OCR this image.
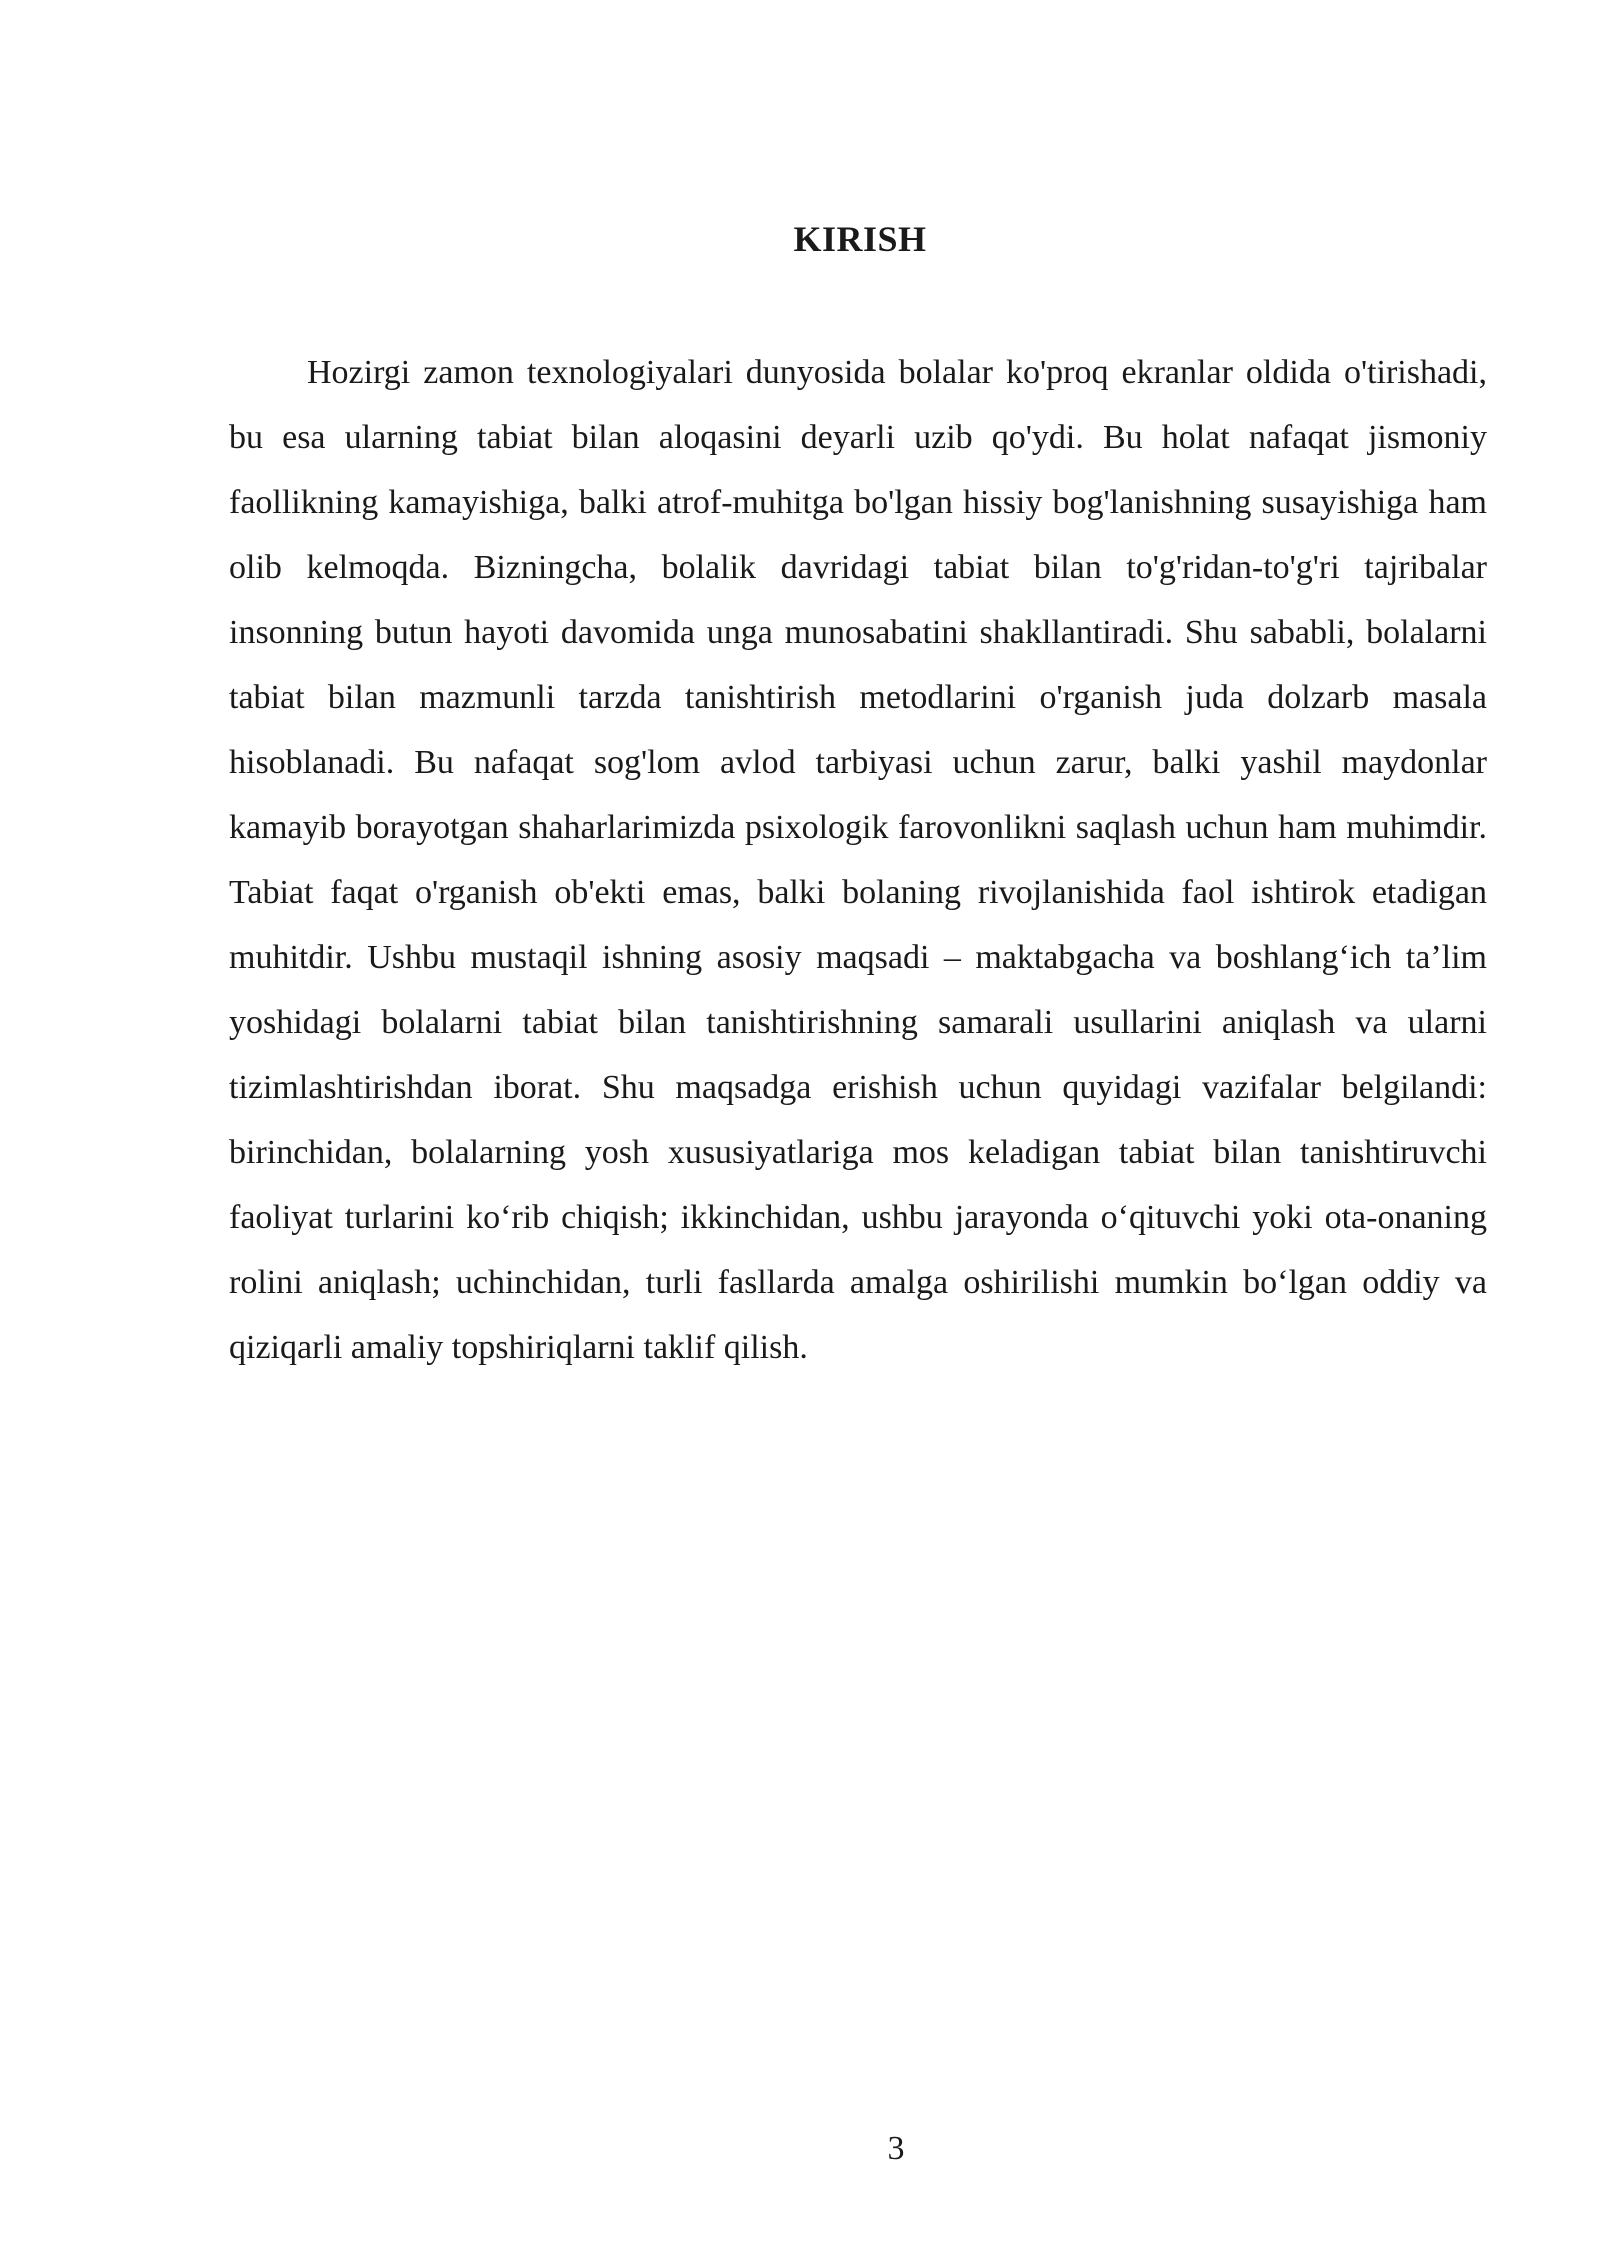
KIRISH

Hozirgi zamon texnologiyalari dunyosida bolalar ko'proq ekranlar oldida o'tirishadi, bu esa ularning tabiat bilan aloqasini deyarli uzib qo'ydi. Bu holat nafaqat jismoniy faollikning kamayishiga, balki atrof-muhitga bo'lgan hissiy bog'lanishning susayishiga ham olib kelmoqda. Bizningcha, bolalik davridagi tabiat bilan to'g'ridan-to'g'ri tajribalar insonning butun hayoti davomida unga munosabatini shakllantiradi. Shu sababli, bolalarni tabiat bilan mazmunli tarzda tanishtirish metodlarini o'rganish juda dolzarb masala hisoblanadi. Bu nafaqat sog'lom avlod tarbiyasi uchun zarur, balki yashil maydonlar kamayib borayotgan shaharlarimizda psixologik farovonlikni saqlash uchun ham muhimdir. Tabiat faqat o'rganish ob'ekti emas, balki bolaning rivojlanishida faol ishtirok etadigan muhitdir. Ushbu mustaqil ishning asosiy maqsadi – maktabgacha va boshlang‘ich ta’lim yoshidagi bolalarni tabiat bilan tanishtirishning samarali usullarini aniqlash va ularni tizimlashtirishdan iborat. Shu maqsadga erishish uchun quyidagi vazifalar belgilandi: birinchidan, bolalarning yosh xususiyatlariga mos keladigan tabiat bilan tanishtiruvchi faoliyat turlarini ko‘rib chiqish; ikkinchidan, ushbu jarayonda o‘qituvchi yoki ota-onaning rolini aniqlash; uchinchidan, turli fasllarda amalga oshirilishi mumkin bo‘lgan oddiy va qiziqarli amaliy topshiriqlarni taklif qilish.

3
